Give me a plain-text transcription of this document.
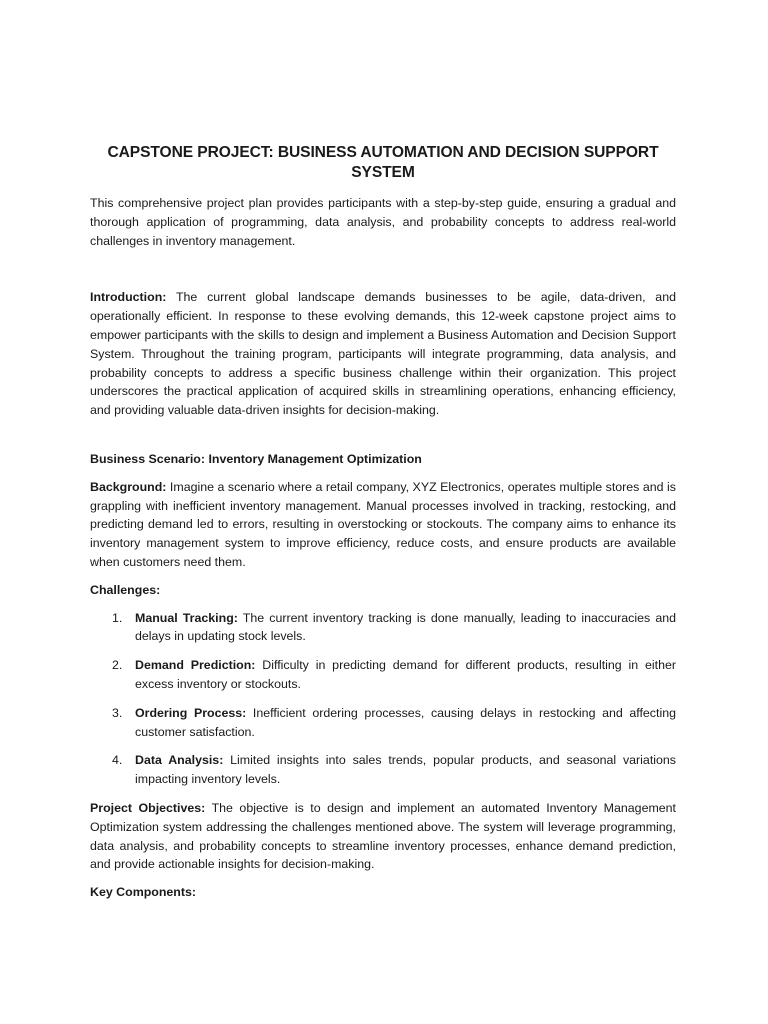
CAPSTONE PROJECT: BUSINESS AUTOMATION AND DECISION SUPPORT SYSTEM

This comprehensive project plan provides participants with a step-by-step guide, ensuring a gradual and thorough application of programming, data analysis, and probability concepts to address real-world challenges in inventory management.

Introduction: The current global landscape demands businesses to be agile, data-driven, and operationally efficient. In response to these evolving demands, this 12-week capstone project aims to empower participants with the skills to design and implement a Business Automation and Decision Support System. Throughout the training program, participants will integrate programming, data analysis, and probability concepts to address a specific business challenge within their organization. This project underscores the practical application of acquired skills in streamlining operations, enhancing efficiency, and providing valuable data-driven insights for decision-making.

Business Scenario: Inventory Management Optimization

Background: Imagine a scenario where a retail company, XYZ Electronics, operates multiple stores and is grappling with inefficient inventory management. Manual processes involved in tracking, restocking, and predicting demand led to errors, resulting in overstocking or stockouts. The company aims to enhance its inventory management system to improve efficiency, reduce costs, and ensure products are available when customers need them.

Challenges:

1. Manual Tracking: The current inventory tracking is done manually, leading to inaccuracies and delays in updating stock levels.
2. Demand Prediction: Difficulty in predicting demand for different products, resulting in either excess inventory or stockouts.
3. Ordering Process: Inefficient ordering processes, causing delays in restocking and affecting customer satisfaction.
4. Data Analysis: Limited insights into sales trends, popular products, and seasonal variations impacting inventory levels.

Project Objectives: The objective is to design and implement an automated Inventory Management Optimization system addressing the challenges mentioned above. The system will leverage programming, data analysis, and probability concepts to streamline inventory processes, enhance demand prediction, and provide actionable insights for decision-making.

Key Components:
